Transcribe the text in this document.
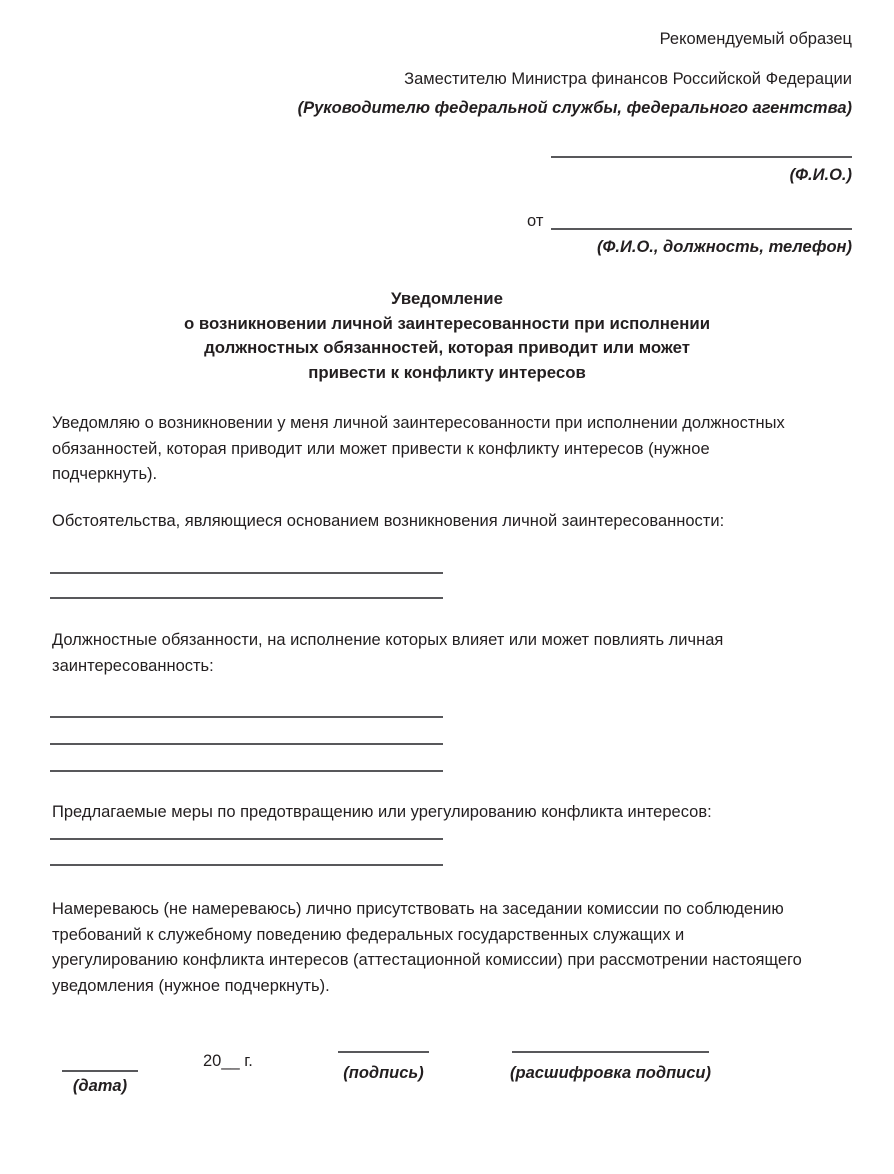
Рекомендуемый образец
Заместителю Министра финансов Российской Федерации
(Руководителю федеральной службы, федерального агентства)
(Ф.И.О.)
от
(Ф.И.О., должность, телефон)
Уведомление
о возникновении личной заинтересованности при исполнении
должностных обязанностей, которая приводит или может
привести к конфликту интересов
Уведомляю о возникновении у меня личной заинтересованности при исполнении должностных обязанностей, которая приводит или может привести к конфликту интересов (нужное подчеркнуть).
Обстоятельства, являющиеся основанием возникновения личной заинтересованности:
Должностные обязанности, на исполнение которых влияет или может повлиять личная заинтересованность:
Предлагаемые меры по предотвращению или урегулированию конфликта интересов:
Намереваюсь (не намереваюсь) лично присутствовать на заседании комиссии по соблюдению требований к служебному поведению федеральных государственных служащих и урегулированию конфликта интересов (аттестационной комиссии) при рассмотрении настоящего уведомления (нужное подчеркнуть).
(дата)
20__ г.
(подпись)	(расшифровка подписи)
